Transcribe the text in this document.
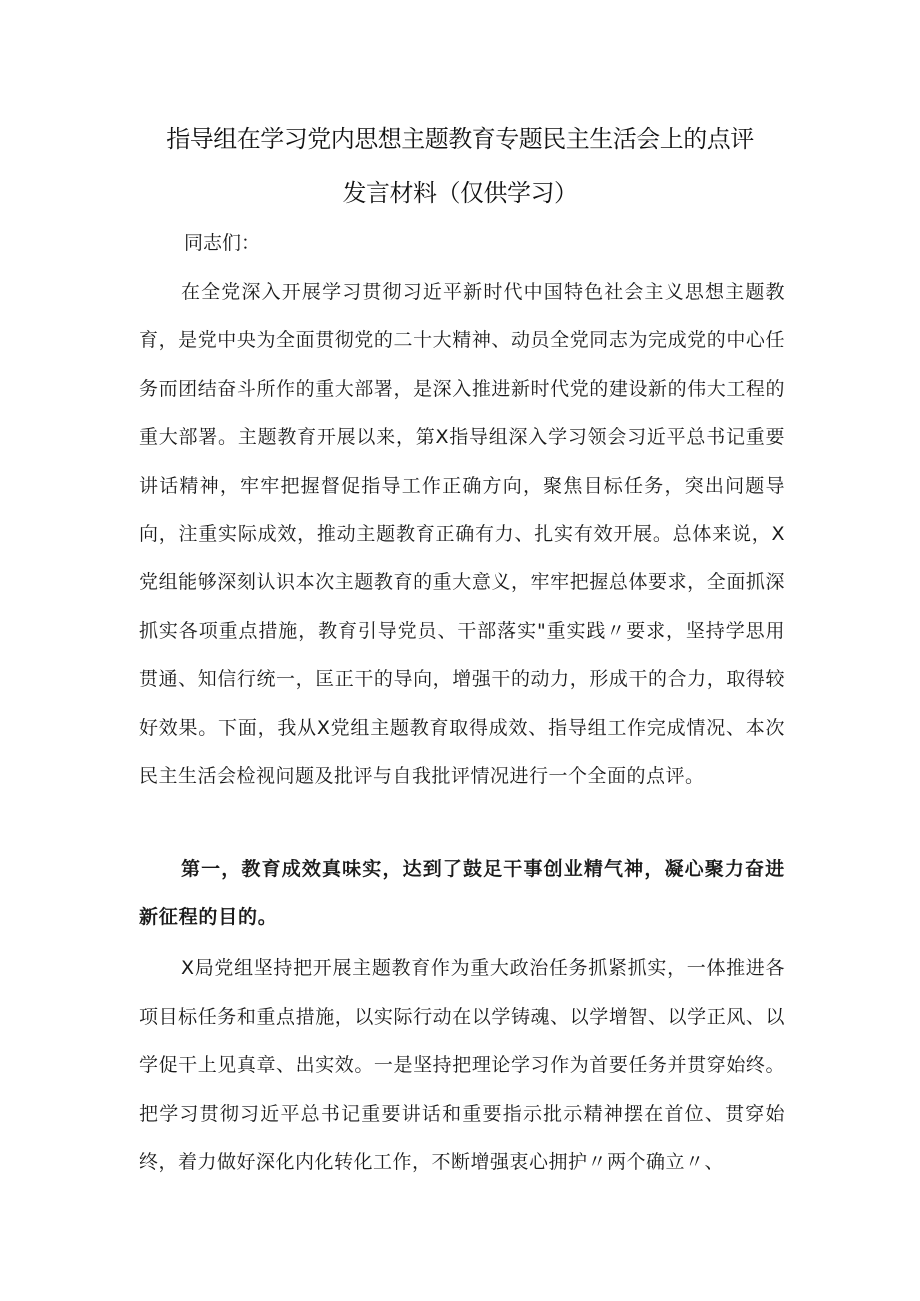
指导组在学习党内思想主题教育专题民主生活会上的点评
发言材料（仅供学习）
同志们：
在全党深入开展学习贯彻习近平新时代中国特色社会主义思想主题教育，是党中央为全面贯彻党的二十大精神、动员全党同志为完成党的中心任务而团结奋斗所作的重大部署，是深入推进新时代党的建设新的伟大工程的重大部署。主题教育开展以来，第X指导组深入学习领会习近平总书记重要讲话精神，牢牢把握督促指导工作正确方向，聚焦目标任务，突出问题导向，注重实际成效，推动主题教育正确有力、扎实有效开展。总体来说，X党组能够深刻认识本次主题教育的重大意义，牢牢把握总体要求，全面抓深抓实各项重点措施，教育引导党员、干部落实"重实践〃要求，坚持学思用贯通、知信行统一，匡正干的导向，增强干的动力，形成干的合力，取得较好效果。下面，我从X党组主题教育取得成效、指导组工作完成情况、本次民主生活会检视问题及批评与自我批评情况进行一个全面的点评。
第一，教育成效真味实，达到了鼓足干事创业精气神，凝心聚力奋进新征程的目的。
X局党组坚持把开展主题教育作为重大政治任务抓紧抓实，一体推进各项目标任务和重点措施，以实际行动在以学铸魂、以学增智、以学正风、以学促干上见真章、出实效。一是坚持把理论学习作为首要任务并贯穿始终。把学习贯彻习近平总书记重要讲话和重要指示批示精神摆在首位、贯穿始终，着力做好深化内化转化工作，不断增强衷心拥护〃两个确立〃、
